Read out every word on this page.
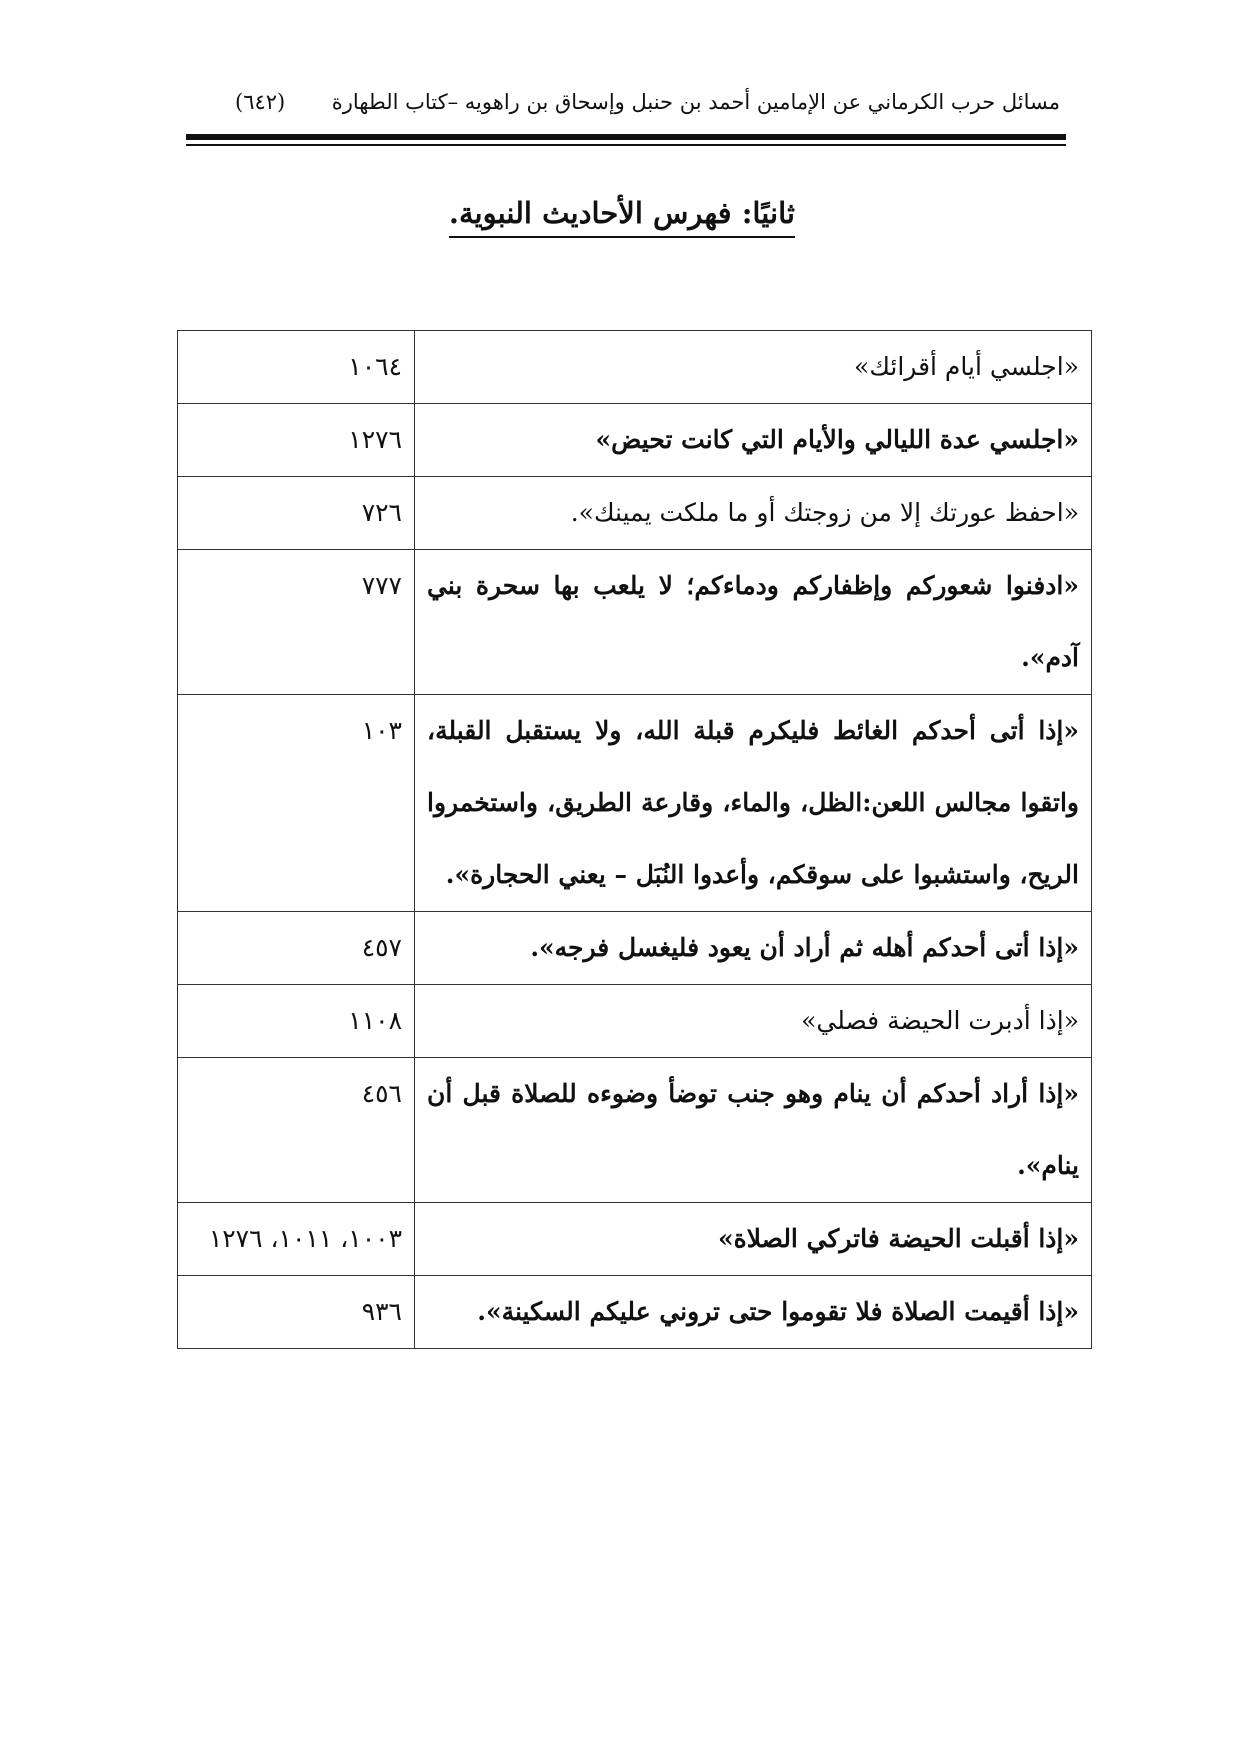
مسائل حرب الكرماني عن الإمامين أحمد بن حنبل وإسحاق بن راهويه –كتاب الطهارة
(٦٤٢)
ثانيًا: فهرس الأحاديث النبوية.
«اجلسي أيام أقرائك»	١٠٦٤
«اجلسي عدة الليالي والأيام التي كانت تحيض»	١٢٧٦
«احفظ عورتك إلا من زوجتك أو ما ملكت يمينك».	٧٢٦
«ادفنوا شعوركم وإظفاركم ودماءكم؛ لا يلعب بها سحرة بني آدم».	٧٧٧
«إذا أتى أحدكم الغائط فليكرم قبلة الله، ولا يستقبل القبلة، واتقوا مجالس اللعن:الظل، والماء، وقارعة الطريق، واستخمروا الريح، واستشبوا على سوقكم، وأعدوا النُبَل – يعني الحجارة».	١٠٣
«إذا أتى أحدكم أهله ثم أراد أن يعود فليغسل فرجه».	٤٥٧
«إذا أدبرت الحيضة فصلي»	١١٠٨
«إذا أراد أحدكم أن ينام وهو جنب توضأ وضوءه للصلاة قبل أن ينام».	٤٥٦
«إذا أقبلت الحيضة فاتركي الصلاة»	١٠٠٣، ١٠١١، ١٢٧٦
«إذا أقيمت الصلاة فلا تقوموا حتى تروني عليكم السكينة».	٩٣٦
